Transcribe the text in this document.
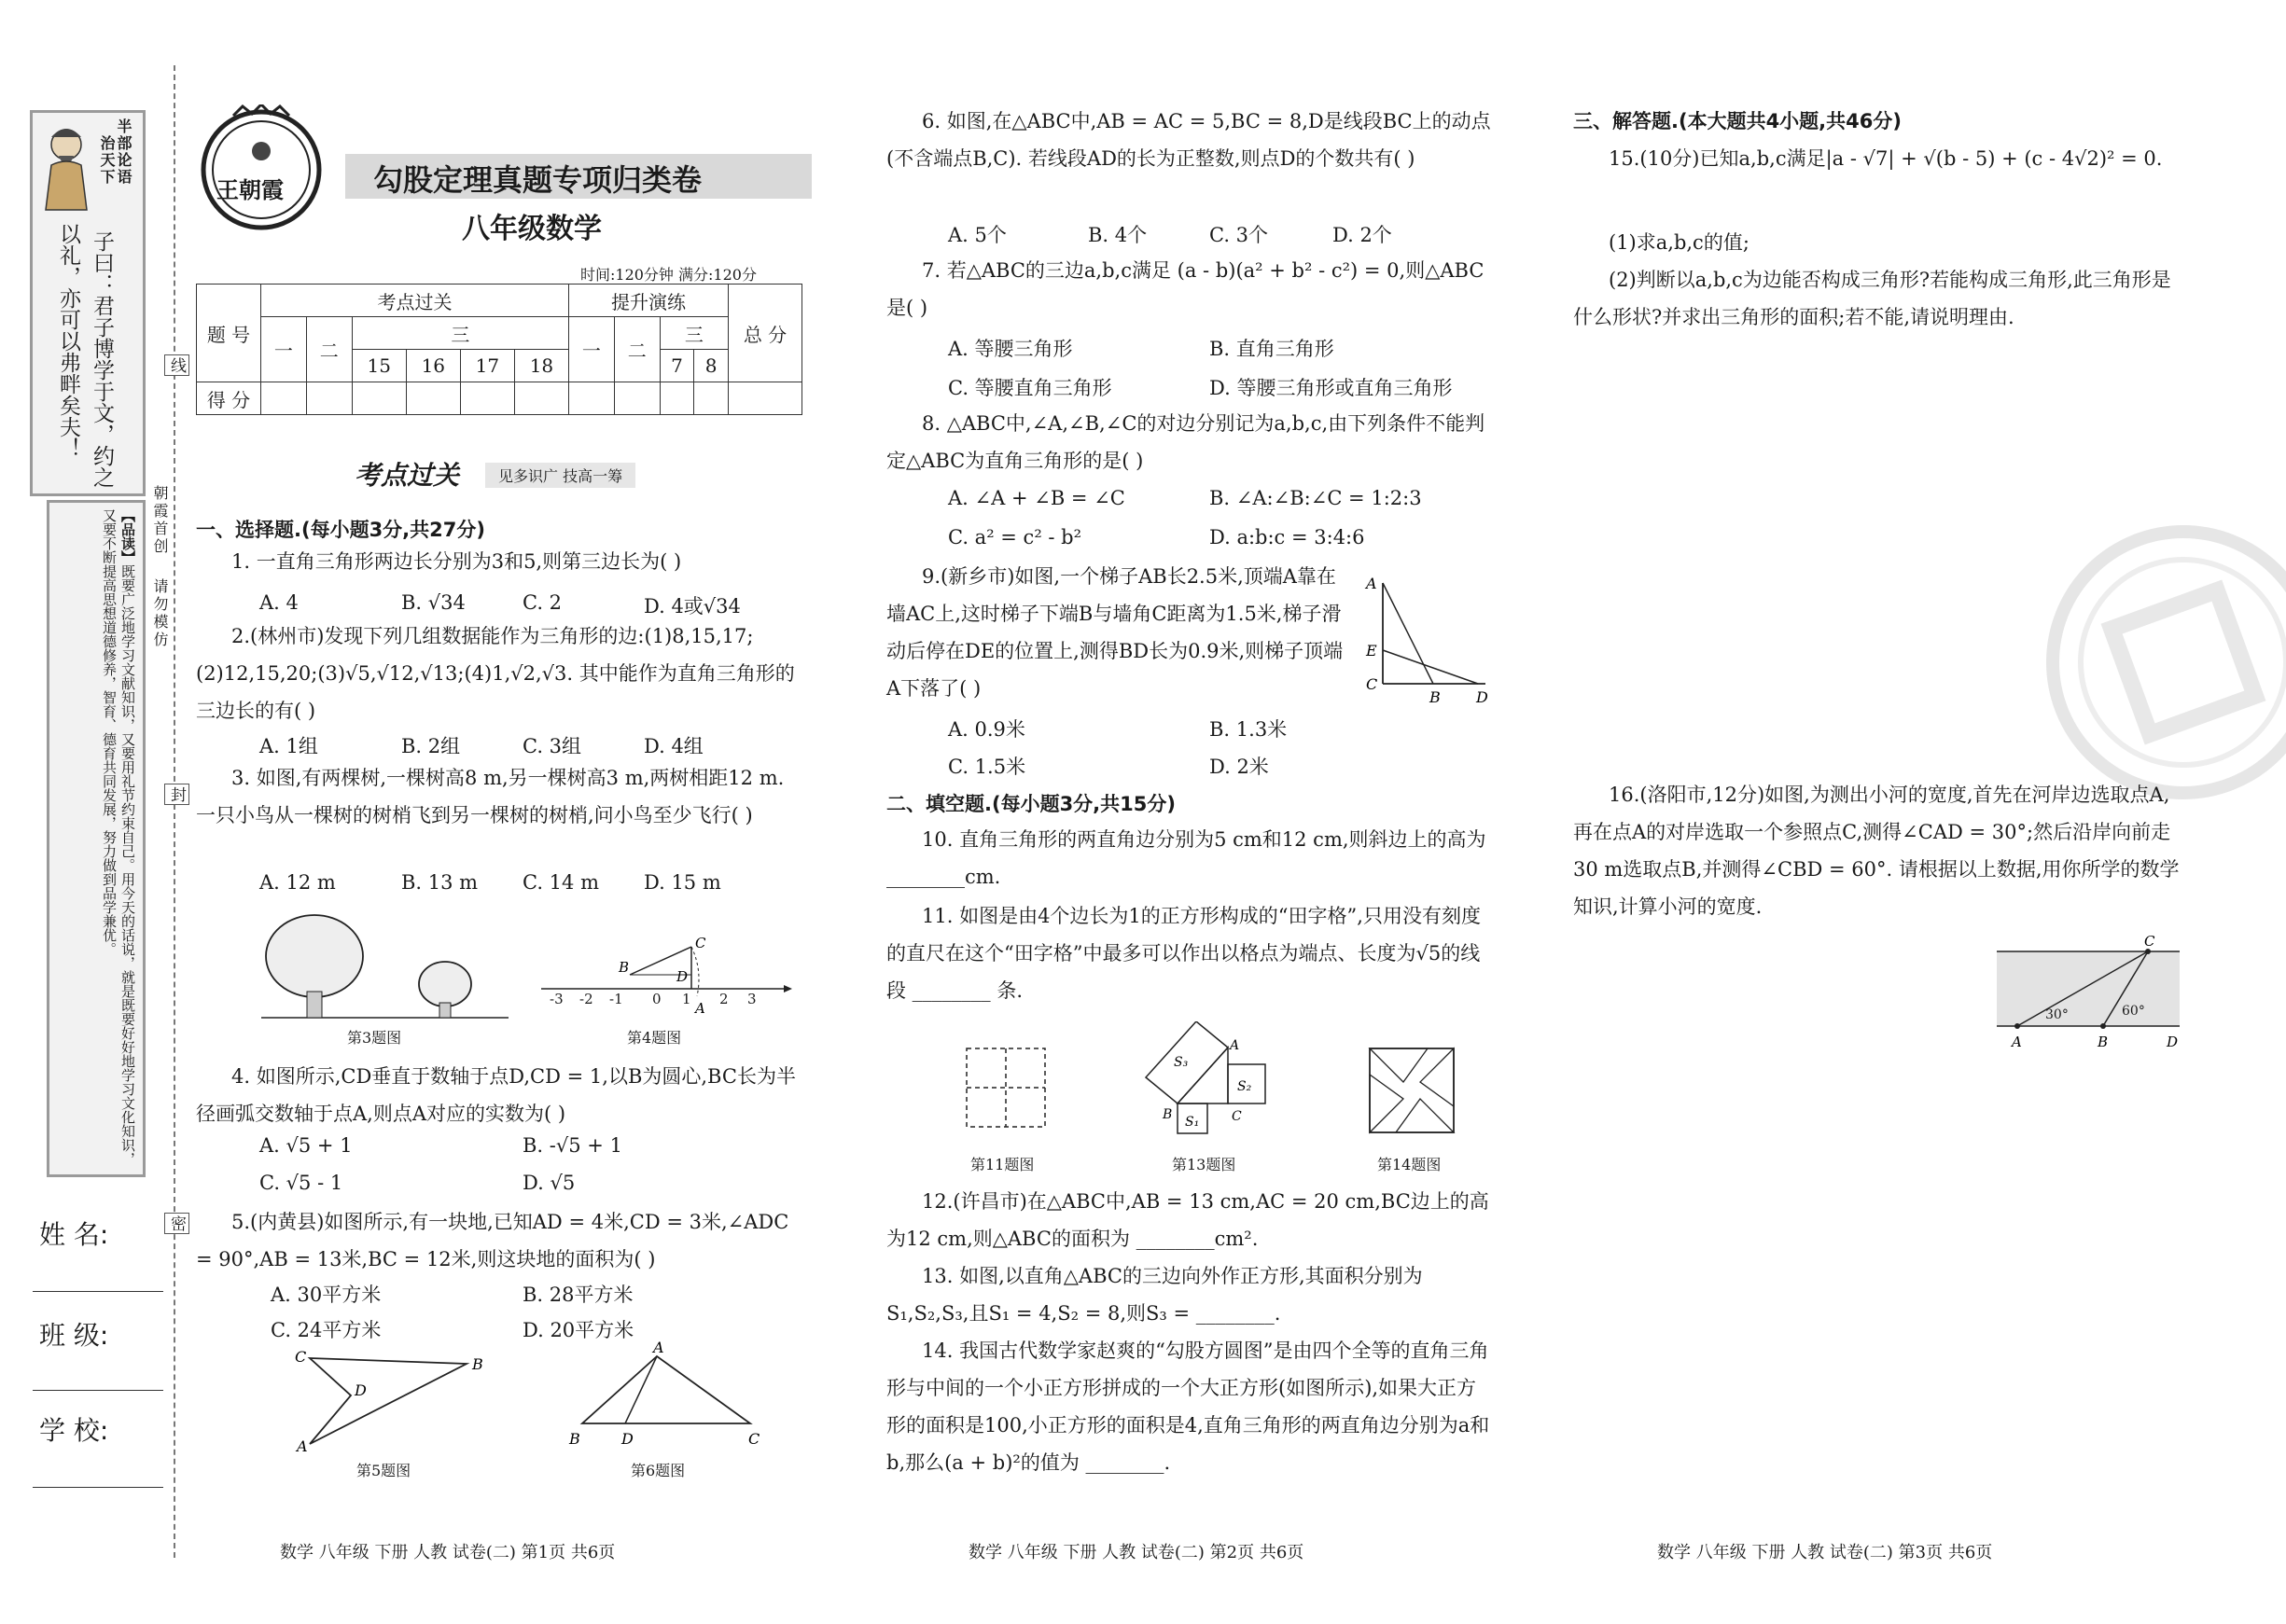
线
封
密
朝霞首创
请勿模仿
半部论语
治天下
子曰：君子博学于文，约之
以礼，亦可以弗畔矣夫！
【品读】既要广泛地学习文献知识，又要用礼节约束自己。用今天的话说，就是既要好好地学习文化知识，又要不断提高思想道德修养，智育、德育共同发展，努力做到品学兼优。
姓 名:
班 级:
学 校:
王朝霞	勾股定理真题专项归类卷
八年级数学
时间:120分钟 满分:120分
题 号	考点过关						提升演练				总 分
	一	二	三				一	二	三		
			15	16	17	18			7	8	
得 分											
考点过关	见多识广 技高一筹
一、选择题.(每小题3分,共27分)
1. 一直角三角形两边长分别为3和5,则第三边长为( )
A. 4	B. √34	C. 2	D. 4或√34
2.(林州市)发现下列几组数据能作为三角形的边:(1)8,15,17;(2)12,15,20;(3)√5,√12,√13;(4)1,√2,√3. 其中能作为直角三角形的三边长的有( )
A. 1组	B. 2组	C. 3组	D. 4组
3. 如图,有两棵树,一棵树高8 m,另一棵树高3 m,两树相距12 m. 一只小鸟从一棵树的树梢飞到另一棵树的树梢,问小鸟至少飞行( )
A. 12 m	B. 13 m C. 14 m D. 15 m
第3题图
B
D
C
A
-3 -2 -1 0 1 2 3
第4题图
4. 如图所示,CD垂直于数轴于点D,CD = 1,以B为圆心,BC长为半径画弧交数轴于点A,则点A对应的实数为( )
A. √5 + 1	B. -√5 + 1
C. √5 - 1	D. √5
5.(内黄县)如图所示,有一块地,已知AD = 4米,CD = 3米,∠ADC = 90°,AB = 13米,BC = 12米,则这块地的面积为( )
A. 30平方米	B. 28平方米
C. 24平方米	D. 20平方米
C	B
D
A
第5题图
A
B	D	C
第6题图
6. 如图,在△ABC中,AB = AC = 5,BC = 8,D是线段BC上的动点(不含端点B,C). 若线段AD的长为正整数,则点D的个数共有( )
A. 5个	B. 4个	C. 3个	D. 2个
7. 若△ABC的三边a,b,c满足 (a - b)(a² + b² - c²) = 0,则△ABC是( )
A. 等腰三角形	B. 直角三角形
C. 等腰直角三角形	D. 等腰三角形或直角三角形
8. △ABC中,∠A,∠B,∠C的对边分别记为a,b,c,由下列条件不能判定△ABC为直角三角形的是( )
A. ∠A + ∠B = ∠C	B. ∠A:∠B:∠C = 1:2:3
C. a² = c² - b²	D. a:b:c = 3:4:6
9.(新乡市)如图,一个梯子AB长2.5米,顶端A靠在墙AC上,这时梯子下端B与墙角C距离为1.5米,梯子滑动后停在DE的位置上,测得BD长为0.9米,则梯子顶端A下落了( )
A
E
C
B D
A. 0.9米	B. 1.3米
C. 1.5米	D. 2米
二、填空题.(每小题3分,共15分)
10. 直角三角形的两直角边分别为5 cm和12 cm,则斜边上的高为 ________cm.
11. 如图是由4个边长为1的正方形构成的“田字格”,只用没有刻度的直尺在这个“田字格”中最多可以作出以格点为端点、长度为√5的线段 ________ 条.
第11题图
S₃
S₂
S₁
A
B	C
第13题图	第14题图
12.(许昌市)在△ABC中,AB = 13 cm,AC = 20 cm,BC边上的高为12 cm,则△ABC的面积为 ________cm².
13. 如图,以直角△ABC的三边向外作正方形,其面积分别为S₁,S₂,S₃,且S₁ = 4,S₂ = 8,则S₃ = ________.
14. 我国古代数学家赵爽的“勾股方圆图”是由四个全等的直角三角形与中间的一个小正方形拼成的一个大正方形(如图所示),如果大正方形的面积是100,小正方形的面积是4,直角三角形的两直角边分别为a和b,那么(a + b)²的值为 ________.
三、解答题.(本大题共4小题,共46分)
15.(10分)已知a,b,c满足|a - √7| + √(b - 5) + (c - 4√2)² = 0.
(1)求a,b,c的值;
(2)判断以a,b,c为边能否构成三角形?若能构成三角形,此三角形是什么形状?并求出三角形的面积;若不能,请说明理由.
16.(洛阳市,12分)如图,为测出小河的宽度,首先在河岸边选取点A,再在点A的对岸选取一个参照点C,测得∠CAD = 30°;然后沿岸向前走30 m选取点B,并测得∠CBD = 60°. 请根据以上数据,用你所学的数学知识,计算小河的宽度.
C
A	B	D
30°	60°
数学 八年级 下册 人教 试卷(二) 第1页 共6页	数学 八年级 下册 人教 试卷(二) 第2页 共6页	数学 八年级 下册 人教 试卷(二) 第3页 共6页
